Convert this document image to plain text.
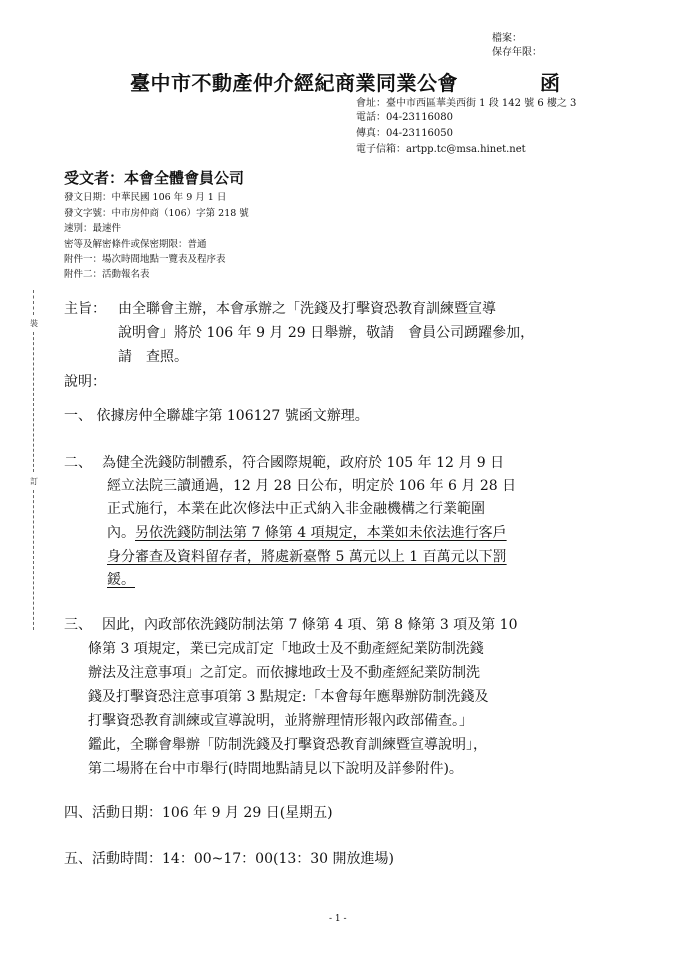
檔案：
保存年限：
臺中市不動產仲介經紀商業同業公會	函
會址：臺中市西區華美西街 1 段 142 號 6 樓之 3
電話：04-23116080
傳真：04-23116050
電子信箱：artpp.tc@msa.hinet.net
受文者：本會全體會員公司
發文日期：中華民國 106 年 9 月 1 日
發文字號：中市房仲商（106）字第 218 號
速別：最速件
密等及解密條件或保密期限：普通
附件一：場次時間地點一覽表及程序表
附件二：活動報名表
裝
訂
主旨： 由全聯會主辦，本會承辦之「洗錢及打擊資恐教育訓練暨宣導
說明會」將於 106 年 9 月 29 日舉辦，敬請　會員公司踴躍參加，
請　查照。
說明：
一、 依據房仲全聯雄字第 106127 號函文辦理。
二、 為健全洗錢防制體系，符合國際規範，政府於 105 年 12 月 9 日
經立法院三讀通過，12 月 28 日公布，明定於 106 年 6 月 28 日
正式施行，本業在此次修法中正式納入非金融機構之行業範圍
內。另依洗錢防制法第 7 條第 4 項規定，本業如未依法進行客戶
身分審查及資料留存者，將處新臺幣 5 萬元以上 1 百萬元以下罰
鍰。
三、 因此，內政部依洗錢防制法第 7 條第 4 項、第 8 條第 3 項及第 10
條第 3 項規定，業已完成訂定「地政士及不動產經紀業防制洗錢
辦法及注意事項」之訂定。而依據地政士及不動產經紀業防制洗
錢及打擊資恐注意事項第 3 點規定:「本會每年應舉辦防制洗錢及
打擊資恐教育訓練或宣導說明，並將辦理情形報內政部備查。」
鑑此，全聯會舉辦「防制洗錢及打擊資恐教育訓練暨宣導說明」，
第二場將在台中市舉行(時間地點請見以下說明及詳參附件)。
四、活動日期：106 年 9 月 29 日(星期五)
五、活動時間：14：00~17：00(13：30 開放進場)
- 1 -
